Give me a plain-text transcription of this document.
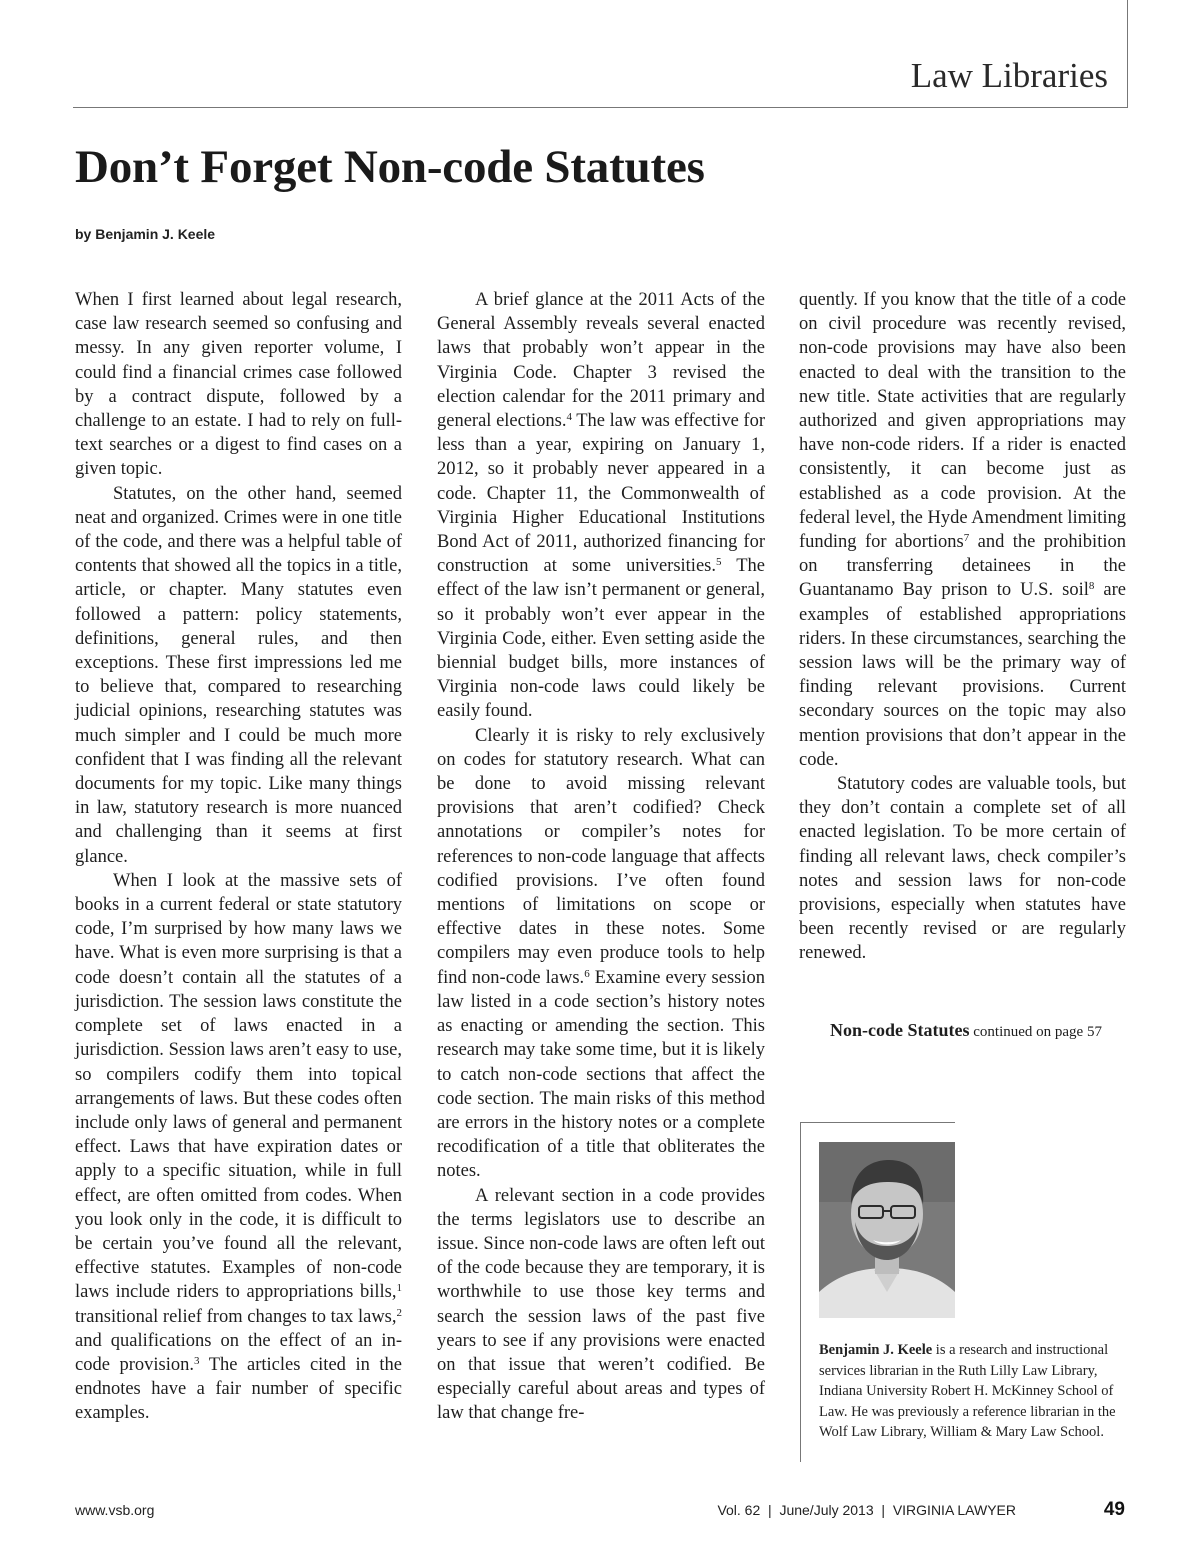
Law Libraries
Don’t Forget Non-code Statutes
by Benjamin J. Keele

When I first learned about legal research, case law research seemed so confusing and messy. In any given reporter volume, I could find a financial crimes case followed by a contract dispute, followed by a challenge to an estate. I had to rely on full-text searches or a digest to find cases on a given topic.

Statutes, on the other hand, seemed neat and organized. Crimes were in one title of the code, and there was a helpful table of contents that showed all the topics in a title, article, or chapter. Many statutes even followed a pattern: policy statements, definitions, general rules, and then exceptions. These first impressions led me to believe that, compared to researching judicial opinions, researching statutes was much simpler and I could be much more confident that I was finding all the relevant documents for my topic. Like many things in law, statutory research is more nuanced and challenging than it seems at first glance.

When I look at the massive sets of books in a current federal or state statutory code, I’m surprised by how many laws we have. What is even more surprising is that a code doesn’t contain all the statutes of a jurisdiction. The session laws constitute the complete set of laws enacted in a jurisdiction. Session laws aren’t easy to use, so compilers codify them into topical arrangements of laws. But these codes often include only laws of general and permanent effect. Laws that have expiration dates or apply to a specific situation, while in full effect, are often omitted from codes. When you look only in the code, it is difficult to be certain you’ve found all the relevant, effective statutes. Examples of non-code laws include riders to appropriations bills,$^1$ transitional relief from changes to tax laws,$^2$ and qualifications on the effect of an in-code provision.$^3$ The articles cited in the endnotes have a fair number of specific examples.

A brief glance at the 2011 Acts of the General Assembly reveals several enacted laws that probably won’t appear in the Virginia Code. Chapter 3 revised the election calendar for the 2011 primary and general elections.$^4$ The law was effective for less than a year, expiring on January 1, 2012, so it probably never appeared in a code. Chapter 11, the Commonwealth of Virginia Higher Educational Institutions Bond Act of 2011, authorized financing for construction at some universities.$^5$ The effect of the law isn’t permanent or general, so it probably won’t ever appear in the Virginia Code, either. Even setting aside the biennial budget bills, more instances of Virginia non-code laws could likely be easily found.

Clearly it is risky to rely exclusively on codes for statutory research. What can be done to avoid missing relevant provisions that aren’t codified? Check annotations or compiler’s notes for references to non-code language that affects codified provisions. I’ve often found mentions of limitations on scope or effective dates in these notes. Some compilers may even produce tools to help find non-code laws.$^6$ Examine every session law listed in a code section’s history notes as enacting or amending the section. This research may take some time, but it is likely to catch non-code sections that affect the code section. The main risks of this method are errors in the history notes or a complete recodification of a title that obliterates the notes.

A relevant section in a code provides the terms legislators use to describe an issue. Since non-code laws are often left out of the code because they are temporary, it is worthwhile to use those key terms and search the session laws of the past five years to see if any provisions were enacted on that issue that weren’t codified. Be especially careful about areas and types of law that change fre-

quently. If you know that the title of a code on civil procedure was recently revised, non-code provisions may have also been enacted to deal with the transition to the new title. State activities that are regularly authorized and given appropriations may have non-code riders. If a rider is enacted consistently, it can become just as established as a code provision. At the federal level, the Hyde Amendment limiting funding for abortions$^7$ and the prohibition on transferring detainees in the Guantanamo Bay prison to U.S. soil$^8$ are examples of established appropriations riders. In these circumstances, searching the session laws will be the primary way of finding relevant provisions. Current secondary sources on the topic may also mention provisions that don’t appear in the code.

Statutory codes are valuable tools, but they don’t contain a complete set of all enacted legislation. To be more certain of finding all relevant laws, check compiler’s notes and session laws for non-code provisions, especially when statutes have been recently revised or are regularly renewed.

Non-code Statutes continued on page 57
Benjamin J. Keele is a research and instructional services librarian in the Ruth Lilly Law Library, Indiana University Robert H. McKinney School of Law. He was previously a reference librarian in the Wolf Law Library, William & Mary Law School.
www.vsb.org	Vol. 62  |  June/July 2013  |  VIRGINIA LAWYER	49
